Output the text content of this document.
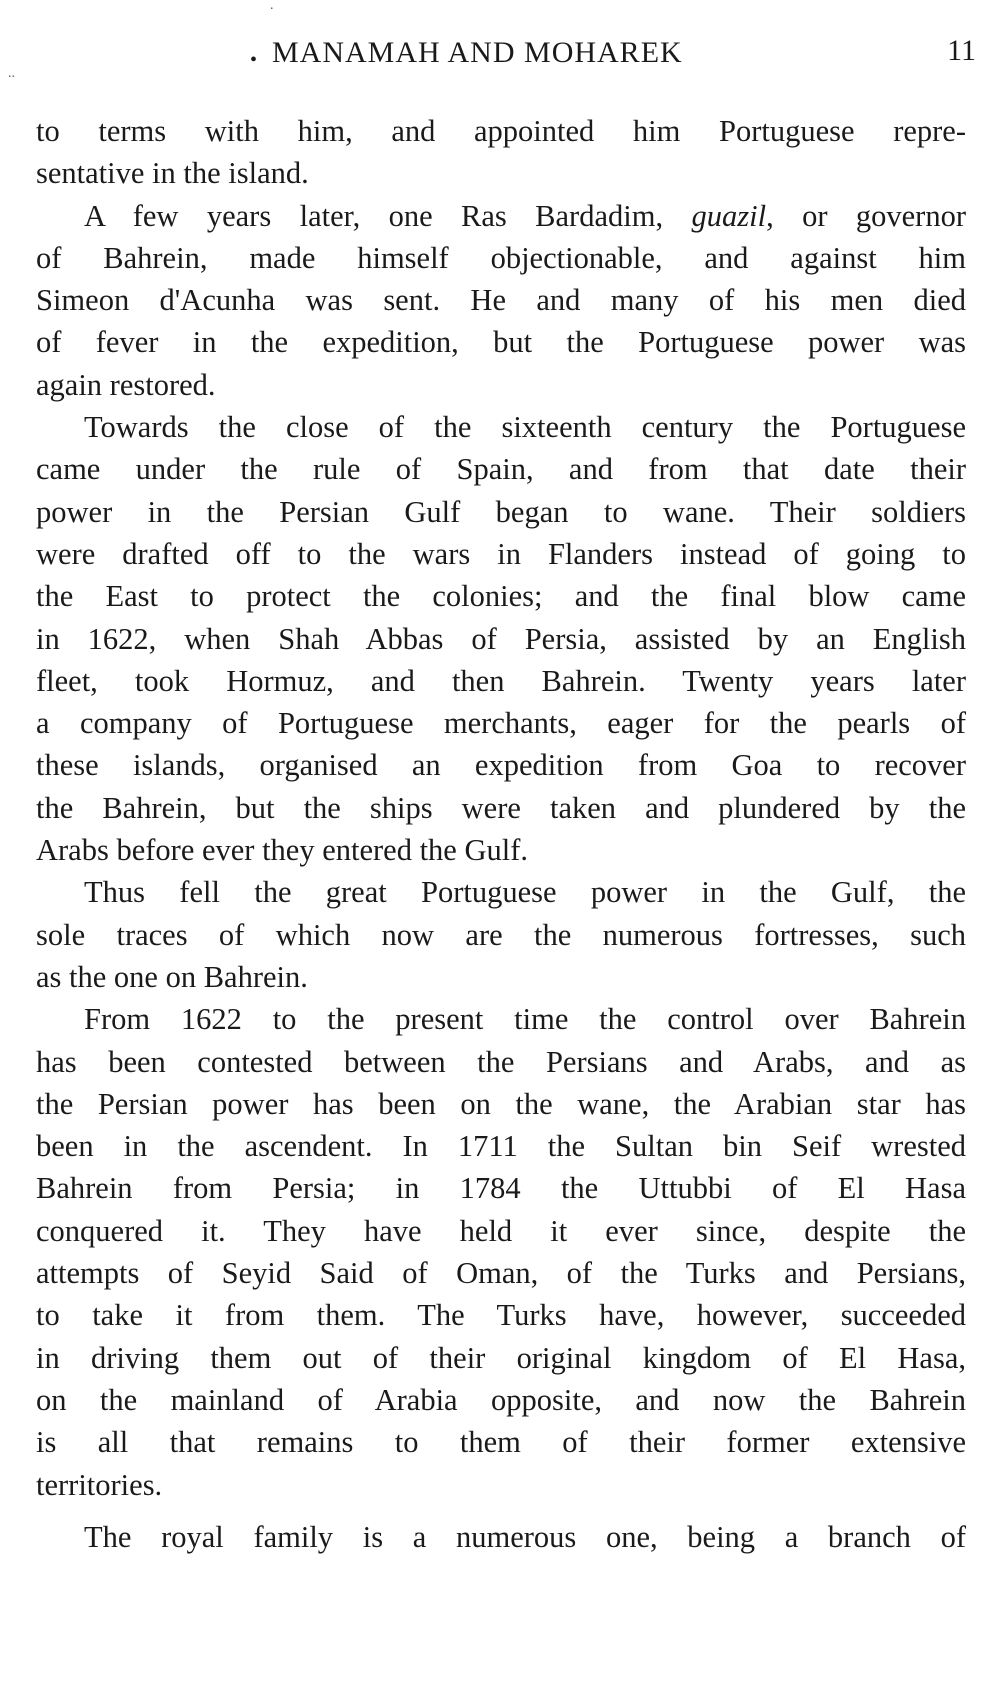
..
.
• MANAMAH AND MOHAREK	11
to terms with him, and appointed him Portuguese repre-
sentative in the island.
A few years later, one Ras Bardadim, guazil, or governor
of Bahrein, made himself objectionable, and against him
Simeon d'Acunha was sent. He and many of his men died
of fever in the expedition, but the Portuguese power was
again restored.
Towards the close of the sixteenth century the Portuguese
came under the rule of Spain, and from that date their
power in the Persian Gulf began to wane. Their soldiers
were drafted off to the wars in Flanders instead of going to
the East to protect the colonies; and the final blow came
in 1622, when Shah Abbas of Persia, assisted by an English
fleet, took Hormuz, and then Bahrein. Twenty years later
a company of Portuguese merchants, eager for the pearls of
these islands, organised an expedition from Goa to recover
the Bahrein, but the ships were taken and plundered by the
Arabs before ever they entered the Gulf.
Thus fell the great Portuguese power in the Gulf, the
sole traces of which now are the numerous fortresses, such
as the one on Bahrein.
From 1622 to the present time the control over Bahrein
has been contested between the Persians and Arabs, and as
the Persian power has been on the wane, the Arabian star has
been in the ascendent. In 1711 the Sultan bin Seif wrested
Bahrein from Persia; in 1784 the Uttubbi of El Hasa
conquered it. They have held it ever since, despite the
attempts of Seyid Said of Oman, of the Turks and Persians,
to take it from them. The Turks have, however, succeeded
in driving them out of their original kingdom of El Hasa,
on the mainland of Arabia opposite, and now the Bahrein
is all that remains to them of their former extensive
territories.
The royal family is a numerous one, being a branch of
